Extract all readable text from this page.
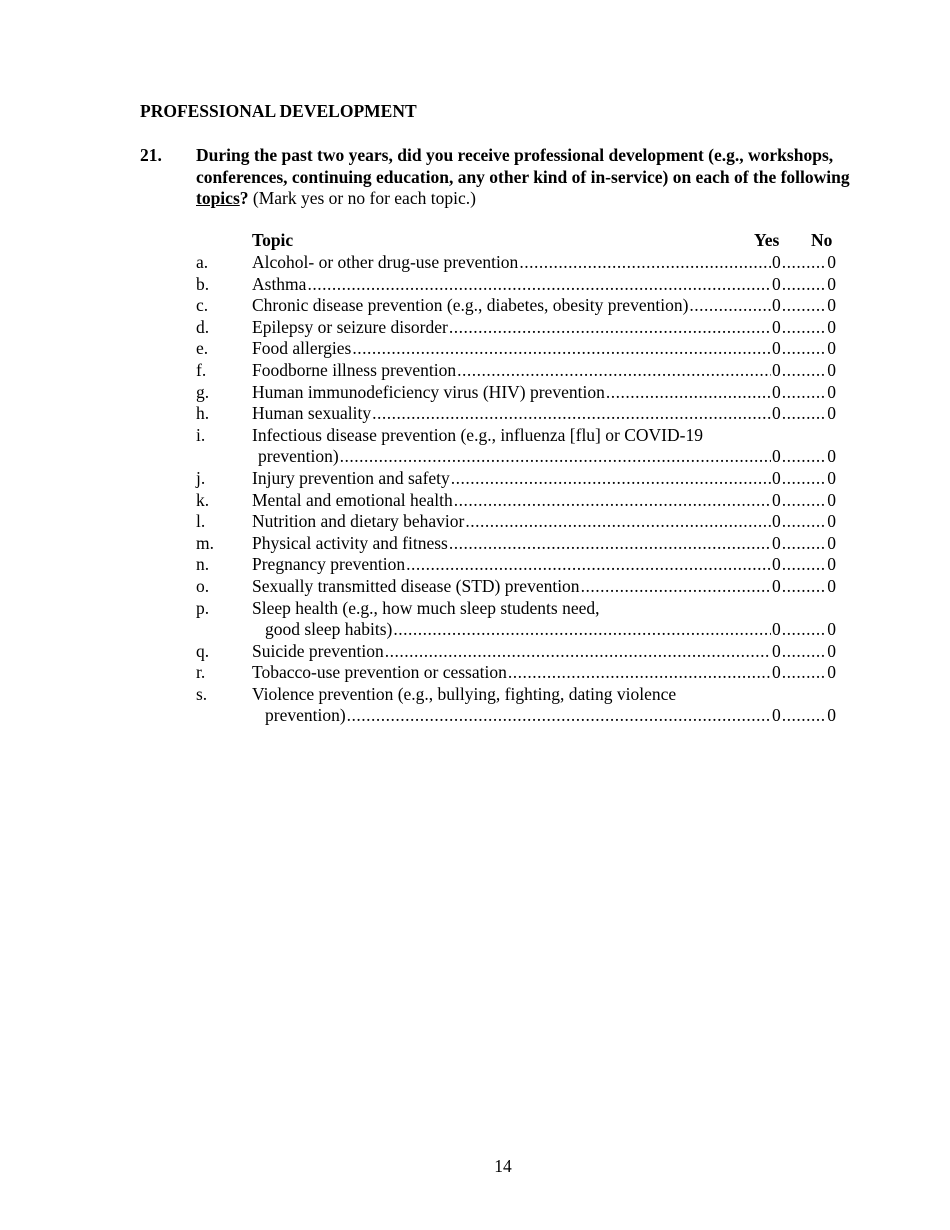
PROFESSIONAL DEVELOPMENT
21. During the past two years, did you receive professional development (e.g., workshops, conferences, continuing education, any other kind of in-service) on each of the following topics? (Mark yes or no for each topic.)
Topic	Yes No
a.	Alcohol- or other drug-use prevention .....	0 .....	0
b. Asthma .....	0 .....	0
c.	Chronic disease prevention (e.g., diabetes, obesity prevention) .....	0 .....	0
d. Epilepsy or seizure disorder .....	0 .....	0
e.	Food allergies .....	0 .....	0
f.	Foodborne illness prevention .....	0 .....	0
g. Human immunodeficiency virus (HIV) prevention .....	0 .....	0
h. Human sexuality .....	0 .....	0
i.	Infectious disease prevention (e.g., influenza [flu] or COVID-19
prevention) .....	0 .....	0
j.	Injury prevention and safety .....	0 .....	0
k. Mental and emotional health .....	0 .....	0
l.	Nutrition and dietary behavior .....	0 .....	0
m. Physical activity and fitness .....	0 .....	0
n. Pregnancy prevention .....	0 .....	0
o. Sexually transmitted disease (STD) prevention .....	0 .....	0
p. Sleep health (e.g., how much sleep students need,
good sleep habits) .....	0 .....	0
q. Suicide prevention .....	0 .....	0
r.	Tobacco-use prevention or cessation .....	0 .....	0
s.	Violence prevention (e.g., bullying, fighting, dating violence
prevention) .....	0 .....	0
14
